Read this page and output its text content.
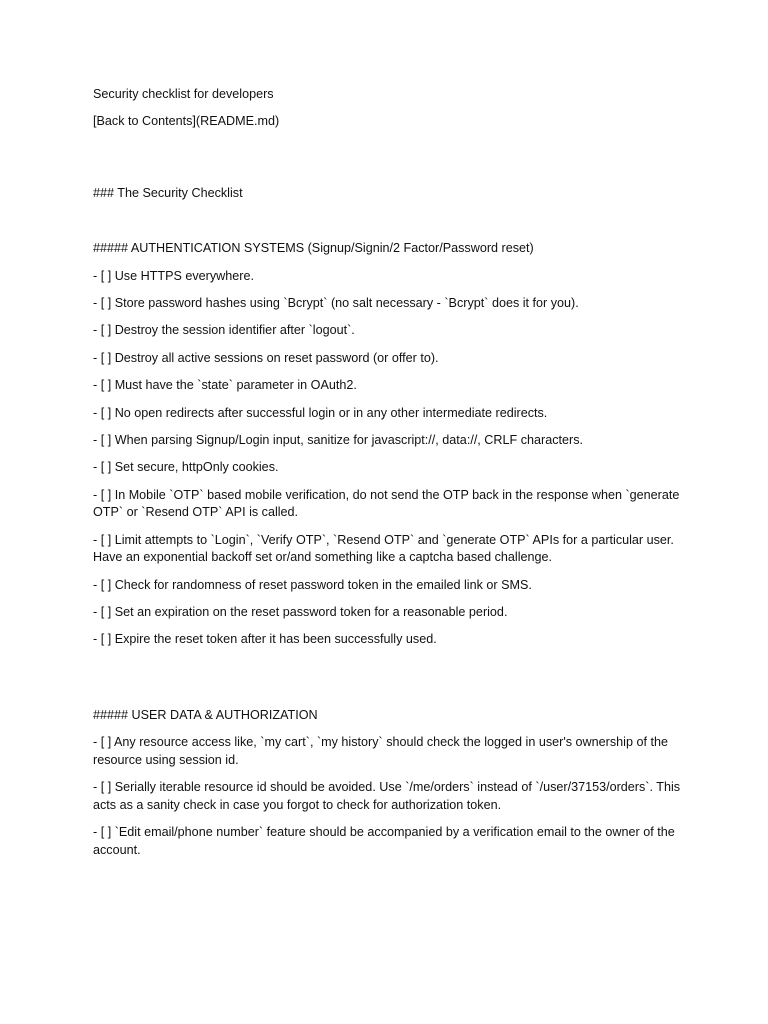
Security checklist for developers
[Back to Contents](README.md)
### The Security Checklist
##### AUTHENTICATION SYSTEMS (Signup/Signin/2 Factor/Password reset)
- [ ] Use HTTPS everywhere.
- [ ] Store password hashes using `Bcrypt` (no salt necessary - `Bcrypt` does it for you).
- [ ] Destroy the session identifier after `logout`.
- [ ] Destroy all active sessions on reset password (or offer to).
- [ ] Must have the `state` parameter in OAuth2.
- [ ] No open redirects after successful login or in any other intermediate redirects.
- [ ] When parsing Signup/Login input, sanitize for javascript://, data://, CRLF characters.
- [ ] Set secure, httpOnly cookies.
- [ ] In Mobile `OTP` based mobile verification, do not send the OTP back in the response when `generate OTP` or `Resend OTP` API is called.
- [ ] Limit attempts to `Login`, `Verify OTP`, `Resend OTP` and `generate OTP` APIs for a particular user. Have an exponential backoff set or/and something like a captcha based challenge.
- [ ] Check for randomness of reset password token in the emailed link or SMS.
- [ ] Set an expiration on the reset password token for a reasonable period.
- [ ] Expire the reset token after it has been successfully used.
##### USER DATA & AUTHORIZATION
- [ ] Any resource access like, `my cart`, `my history` should check the logged in user's ownership of the resource using session id.
- [ ] Serially iterable resource id should be avoided. Use `/me/orders` instead of `/user/37153/orders`. This acts as a sanity check in case you forgot to check for authorization token.
- [ ] `Edit email/phone number` feature should be accompanied by a verification email to the owner of the account.
